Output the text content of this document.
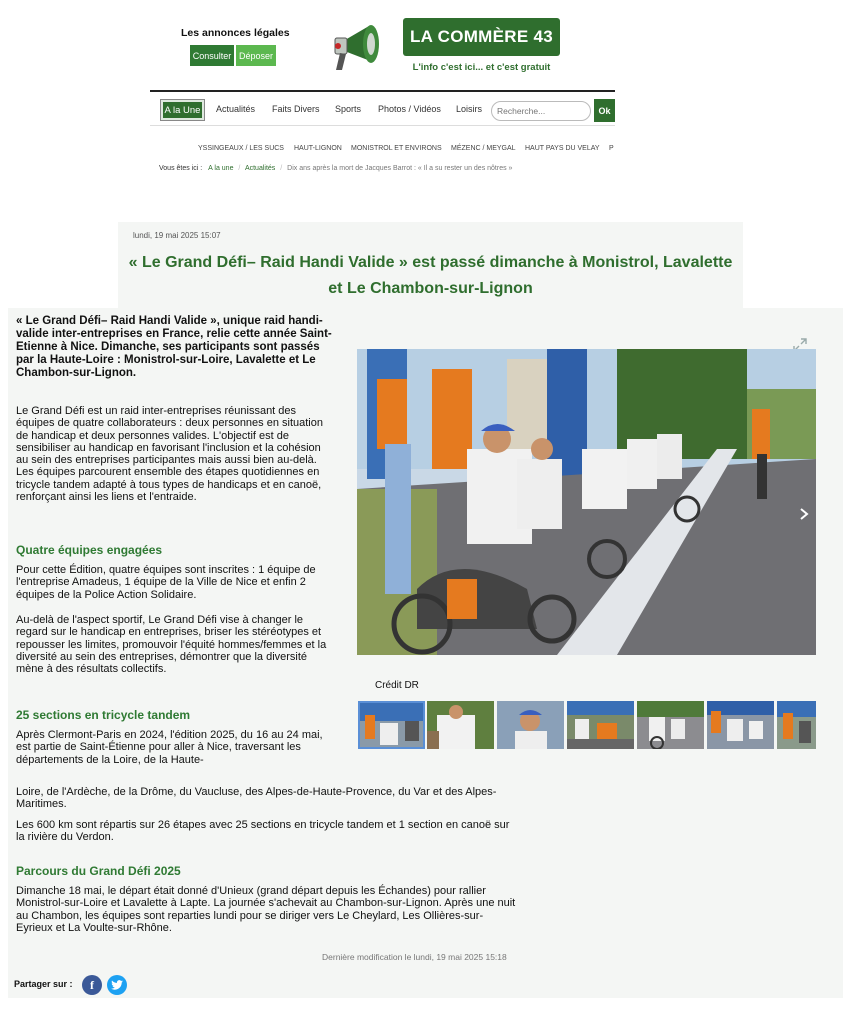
Les annonces légales
Consulter Déposer
LA COMMÈRE 43
L'info c'est ici... et c'est gratuit
A la Une	Actualités Faits Divers Sports Photos / Vidéos Loisirs
Recherche...	Ok
YSSINGEAUX / LES SUCS HAUT-LIGNON MONISTROL ET ENVIRONS MÉZENC / MEYGAL HAUT PAYS DU VELAY P
Vous êtes ici : A la une / Actualités / Dix ans après la mort de Jacques Barrot : « Il a su rester un des nôtres »
lundi, 19 mai 2025 15:07
« Le Grand Défi– Raid Handi Valide » est passé dimanche à Monistrol, Lavalette et Le Chambon-sur-Lignon
« Le Grand Défi– Raid Handi Valide », unique raid handi-valide inter-entreprises en France, relie cette année Saint-Etienne à Nice. Dimanche, ses participants sont passés par la Haute-Loire : Monistrol-sur-Loire, Lavalette et Le Chambon-sur-Lignon.
Le Grand Défi est un raid inter-entreprises réunissant des équipes de quatre collaborateurs : deux personnes en situation de handicap et deux personnes valides. L'objectif est de sensibiliser au handicap en favorisant l'inclusion et la cohésion au sein des entreprises participantes mais aussi bien au-delà. Les équipes parcourent ensemble des étapes quotidiennes en tricycle tandem adapté à tous types de handicaps et en canoë, renforçant ainsi les liens et l'entraide.
Quatre équipes engagées
Pour cette Édition, quatre équipes sont inscrites : 1 équipe de l'entreprise Amadeus, 1 équipe de la Ville de Nice et enfin 2 équipes de la Police Action Solidaire.
Au-delà de l'aspect sportif, Le Grand Défi vise à changer le regard sur le handicap en entreprises, briser les stéréotypes et repousser les limites, promouvoir l'équité hommes/femmes et la diversité au sein des entreprises, démontrer que la diversité mène à des résultats collectifs.
25 sections en tricycle tandem
Après Clermont-Paris en 2024, l'édition 2025, du 16 au 24 mai, est partie de Saint-Étienne pour aller à Nice, traversant les départements de la Loire, de la Haute-
Loire, de l'Ardèche, de la Drôme, du Vaucluse, des Alpes-de-Haute-Provence, du Var et des Alpes-Maritimes.
Les 600 km sont répartis sur 26 étapes avec 25 sections en tricycle tandem et 1 section en canoë sur la rivière du Verdon.
Parcours du Grand Défi 2025
Dimanche 18 mai, le départ était donné d'Unieux (grand départ depuis les Échandes) pour rallier Monistrol-sur-Loire et Lavalette à Lapte. La journée s'achevait au Chambon-sur-Lignon. Après une nuit au Chambon, les équipes sont reparties lundi pour se diriger vers Le Cheylard, Les Ollières-sur-Eyrieux et La Voulte-sur-Rhône.
Dernière modification le lundi, 19 mai 2025 15:18
Partager sur :	f
Crédit DR
